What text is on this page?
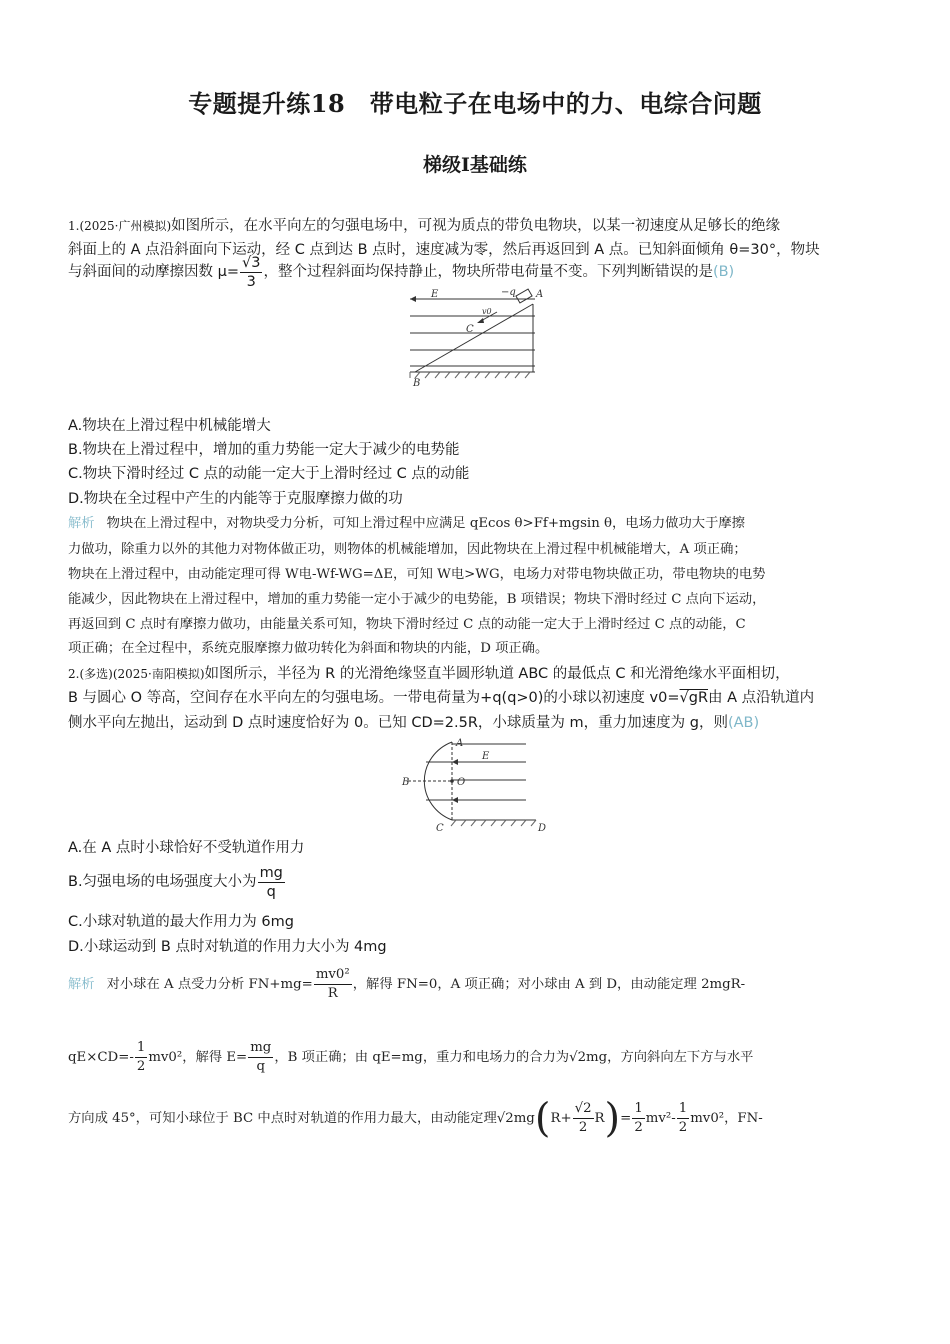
专题提升练18　带电粒子在电场中的力、电综合问题
梯级Ⅰ基础练
1.(2025·广州模拟)如图所示，在水平向左的匀强电场中，可视为质点的带负电物块，以某一初速度从足够长的绝缘
斜面上的 A 点沿斜面向下运动，经 C 点到达 B 点时，速度减为零，然后再返回到 A 点。已知斜面倾角 θ=30°，物块
与斜面间的动摩擦因数 $\mu= \frac{√3}{3}$ ，整个过程斜面均保持静止，物块所带电荷量不变。下列判断错误的是(B)
E	−q A
v0
C
B
A.物块在上滑过程中机械能增大
B.物块在上滑过程中，增加的重力势能一定大于减少的电势能
C.物块下滑时经过 C 点的动能一定大于上滑时经过 C 点的动能
D.物块在全过程中产生的内能等于克服摩擦力做的功
解析 物块在上滑过程中，对物块受力分析，可知上滑过程中应满足 qEcos θ>Ff+mgsin θ，电场力做功大于摩擦
力做功，除重力以外的其他力对物体做正功，则物体的机械能增加，因此物块在上滑过程中机械能增大，A 项正确；
物块在上滑过程中，由动能定理可得 W电-Wf-WG=ΔE，可知 W电>WG，电场力对带电物块做正功，带电物块的电势
能减少，因此物块在上滑过程中，增加的重力势能一定小于减少的电势能，B 项错误；物块下滑时经过 C 点向下运动，
再返回到 C 点时有摩擦力做功，由能量关系可知，物块下滑时经过 C 点的动能一定大于上滑时经过 C 点的动能，C
项正确；在全过程中，系统克服摩擦力做功转化为斜面和物块的内能，D 项正确。
2.(多选)(2025·南阳模拟)如图所示，半径为 R 的光滑绝缘竖直半圆形轨道 ABC 的最低点 C 和光滑绝缘水平面相切，
B 与圆心 O 等高，空间存在水平向左的匀强电场。一带电荷量为+q(q>0)的小球以初速度 v0=√gR由 A 点沿轨道内
侧水平向左抛出，运动到 D 点时速度恰好为 0。已知 CD=2.5R，小球质量为 m，重力加速度为 g，则(AB)
A
E
B	O
C	D
A.在 A 点时小球恰好不受轨道作用力
B.匀强电场的电场强度大小为 $\frac{mg}{q}$
C.小球对轨道的最大作用力为 6mg
D.小球运动到 B 点时对轨道的作用力大小为 4mg
解析 对小球在 A 点受力分析 $FN+mg= \frac{\text{mv0²}}{R}$ ，解得 FN=0，A 项正确；对小球由 A 到 D，由动能定理 2mgR-
$qE\times CD=- \frac{1}{2} mv0^2$，解得 $E= \frac{mg}{q}$ ，B 项正确；由 qE=mg，重力和电场力的合力为√2mg，方向斜向左下方与水平
方向成 45°，可知小球位于 BC 中点时对轨道的作用力最大，由动能定理$√2mg(R+ \frac{√2}{2} R)= \frac{1}{2} mv^2- \frac{1}{2} mv0^2$，FN-
